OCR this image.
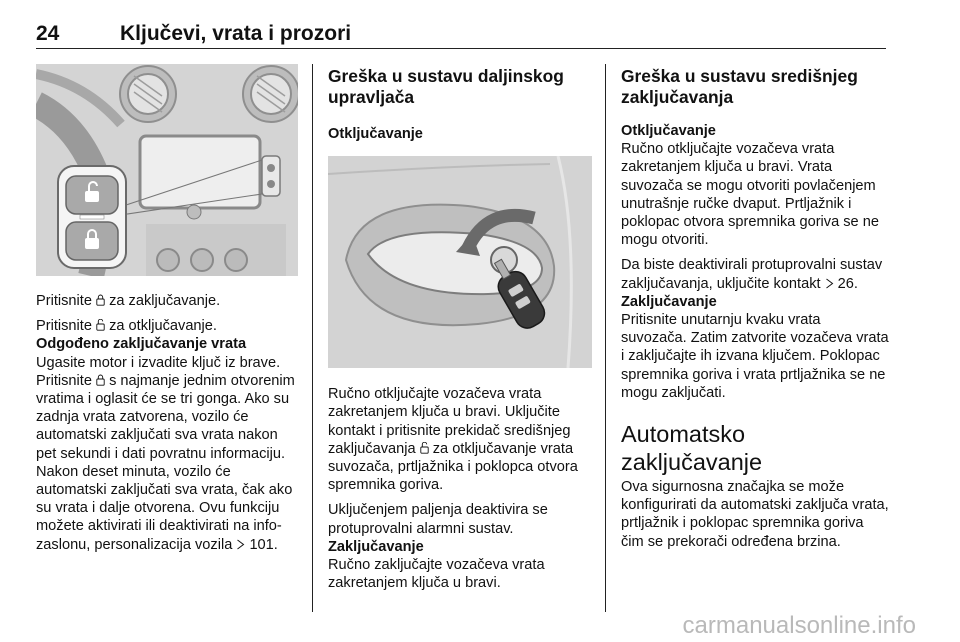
24	Ključevi, vrata i prozori

Pritisnite  za zaključavanje.

Pritisnite  za otključavanje.

Odgođeno zaključavanje vrata

Ugasite motor i izvadite ključ iz brave. Pritisnite  s najmanje jednim otvorenim vratima i oglasit će se tri gonga. Ako su zadnja vrata zatvorena, vozilo će automatski zaključati sva vrata nakon pet sekundi i dati povratnu informaciju. Nakon deset minuta, vozilo će automatski zaključati sva vrata, čak ako su vrata i dalje otvorena. Ovu funkciju možete aktivirati ili deaktivirati na info-zaslonu, personalizacija vozila  101.

Greška u sustavu daljinskog upravljača

Otključavanje

Ručno otključajte vozačeva vrata zakretanjem ključa u bravi. Uključite kontakt i pritisnite prekidač središnjeg zaključavanja  za otključavanje vrata suvozača, prtljažnika i poklopca otvora spremnika goriva.

Uključenjem paljenja deaktivira se protuprovalni alarmni sustav.

Zaključavanje

Ručno zaključajte vozačeva vrata zakretanjem ključa u bravi.

Greška u sustavu središnjeg zaključavanja

Otključavanje

Ručno otključajte vozačeva vrata zakretanjem ključa u bravi. Vrata suvozača se mogu otvoriti povlačenjem unutrašnje ručke dvaput. Prtljažnik i poklopac otvora spremnika goriva se ne mogu otvoriti.

Da biste deaktivirali protuprovalni sustav zaključavanja, uključite kontakt  26.

Zaključavanje

Pritisnite unutarnju kvaku vrata suvozača. Zatim zatvorite vozačeva vrata i zaključajte ih izvana ključem. Poklopac spremnika goriva i vrata prtljažnika se ne mogu zaključati.

Automatsko zaključavanje

Ova sigurnosna značajka se može konfigurirati da automatski zaključa vrata, prtljažnik i poklopac spremnika goriva čim se prekorači određena brzina.

carmanualsonline.info
